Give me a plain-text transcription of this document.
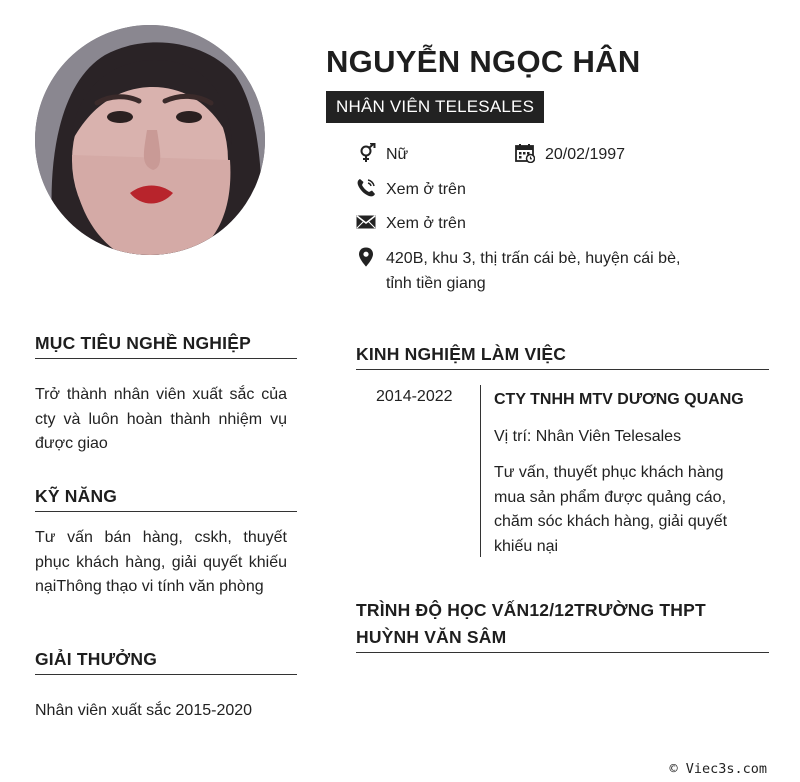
NGUYỄN NGỌC HÂN
NHÂN VIÊN TELESALES
Nữ	20/02/1997
Xem ở trên
Xem ở trên
420B, khu 3, thị trấn cái bè, huyện cái bè,
tỉnh tiền giang
MỤC TIÊU NGHỀ NGHIỆP
Trở thành nhân viên xuất sắc của cty và luôn hoàn thành nhiệm vụ được giao
KỸ NĂNG
Tư vấn bán hàng, cskh, thuyết phục khách hàng, giải quyết khiếu nạiThông thạo vi tính văn phòng
GIẢI THƯỞNG
Nhân viên xuất sắc 2015-2020
KINH NGHIỆM LÀM VIỆC
2014-2022	CTY TNHH MTV DƯƠNG QUANG
Vị trí: Nhân Viên Telesales
Tư vấn, thuyết phục khách hàng mua sản phẩm được quảng cáo, chăm sóc khách hàng, giải quyết khiếu nại
TRÌNH ĐỘ HỌC VẤN12/12TRƯỜNG THPT
HUỲNH VĂN SÂM
© Viec3s.com
